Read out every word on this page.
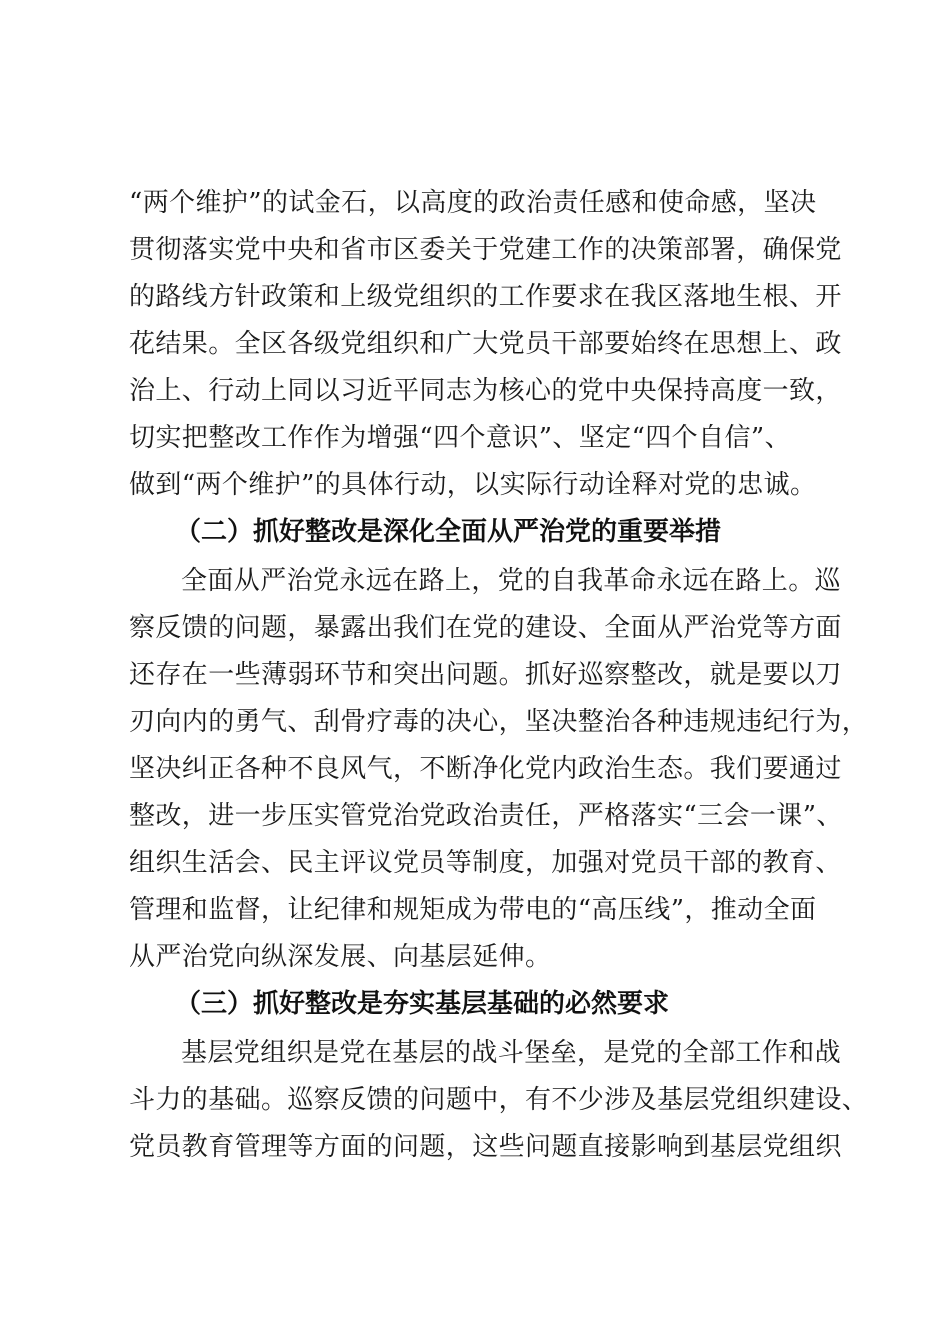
“两个维护”的试金石，以高度的政治责任感和使命感，坚决
贯彻落实党中央和省市区委关于党建工作的决策部署，确保党
的路线方针政策和上级党组织的工作要求在我区落地生根、开
花结果。全区各级党组织和广大党员干部要始终在思想上、政
治上、行动上同以习近平同志为核心的党中央保持高度一致，
切实把整改工作作为增强“四个意识”、坚定“四个自信”、
做到“两个维护”的具体行动，以实际行动诠释对党的忠诚。
（二）抓好整改是深化全面从严治党的重要举措
全面从严治党永远在路上，党的自我革命永远在路上。巡
察反馈的问题，暴露出我们在党的建设、全面从严治党等方面
还存在一些薄弱环节和突出问题。抓好巡察整改，就是要以刀
刃向内的勇气、刮骨疗毒的决心，坚决整治各种违规违纪行为，
坚决纠正各种不良风气，不断净化党内政治生态。我们要通过
整改，进一步压实管党治党政治责任，严格落实“三会一课”、
组织生活会、民主评议党员等制度，加强对党员干部的教育、
管理和监督，让纪律和规矩成为带电的“高压线”，推动全面
从严治党向纵深发展、向基层延伸。
（三）抓好整改是夯实基层基础的必然要求
基层党组织是党在基层的战斗堡垒，是党的全部工作和战
斗力的基础。巡察反馈的问题中，有不少涉及基层党组织建设、
党员教育管理等方面的问题，这些问题直接影响到基层党组织
